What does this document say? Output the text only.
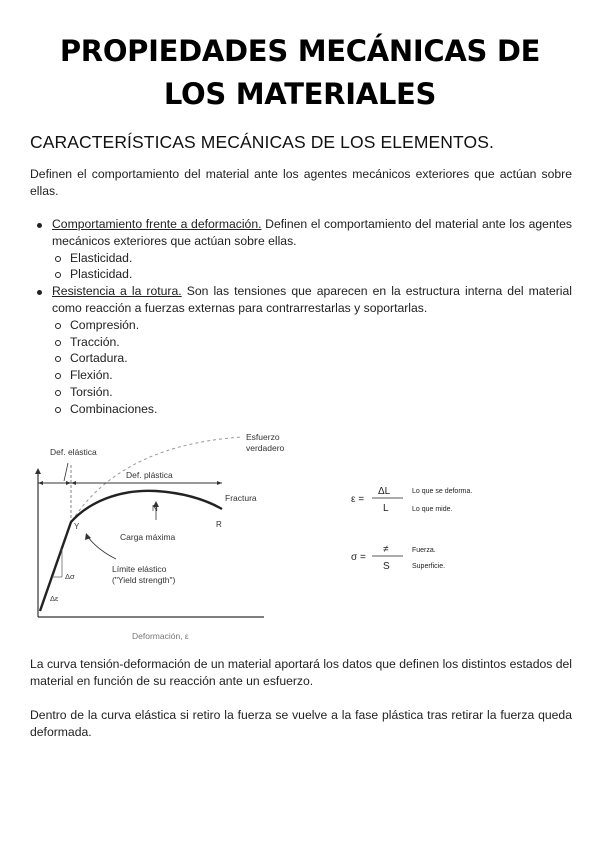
PROPIEDADES MECÁNICAS DE
LOS MATERIALES
CARACTERÍSTICAS MECÁNICAS DE LOS ELEMENTOS.

Definen el comportamiento del material ante los agentes mecánicos exteriores que actúan sobre ellas.

Comportamiento frente a deformación. Definen el comportamiento del material ante los agentes mecánicos exteriores que actúan sobre ellas.
Elasticidad.
Plasticidad.
Resistencia a la rotura. Son las tensiones que aparecen en la estructura interna del material como reacción a fuerzas externas para contrarrestarlas y soportarlas.
Compresión.
Tracción.
Cortadura.
Flexión.
Torsión.
Combinaciones.
Def. elástica
Def. plástica
Esfuerzo
verdadero
Fractura
N
Y	R
Carga máxima
Límite elástico
("Yield strength")
Δσ
Δε
Deformación, ε
ε =
ΔL
L
Lo que se deforma.
Lo que mide.
σ =
≠
S
Fuerza.
Superficie.

La curva tensión-deformación de un material aportará los datos que definen los distintos estados del material en función de su reacción ante un esfuerzo.

Dentro de la curva elástica si retiro la fuerza se vuelve a la fase plástica tras retirar la fuerza queda deformada.
